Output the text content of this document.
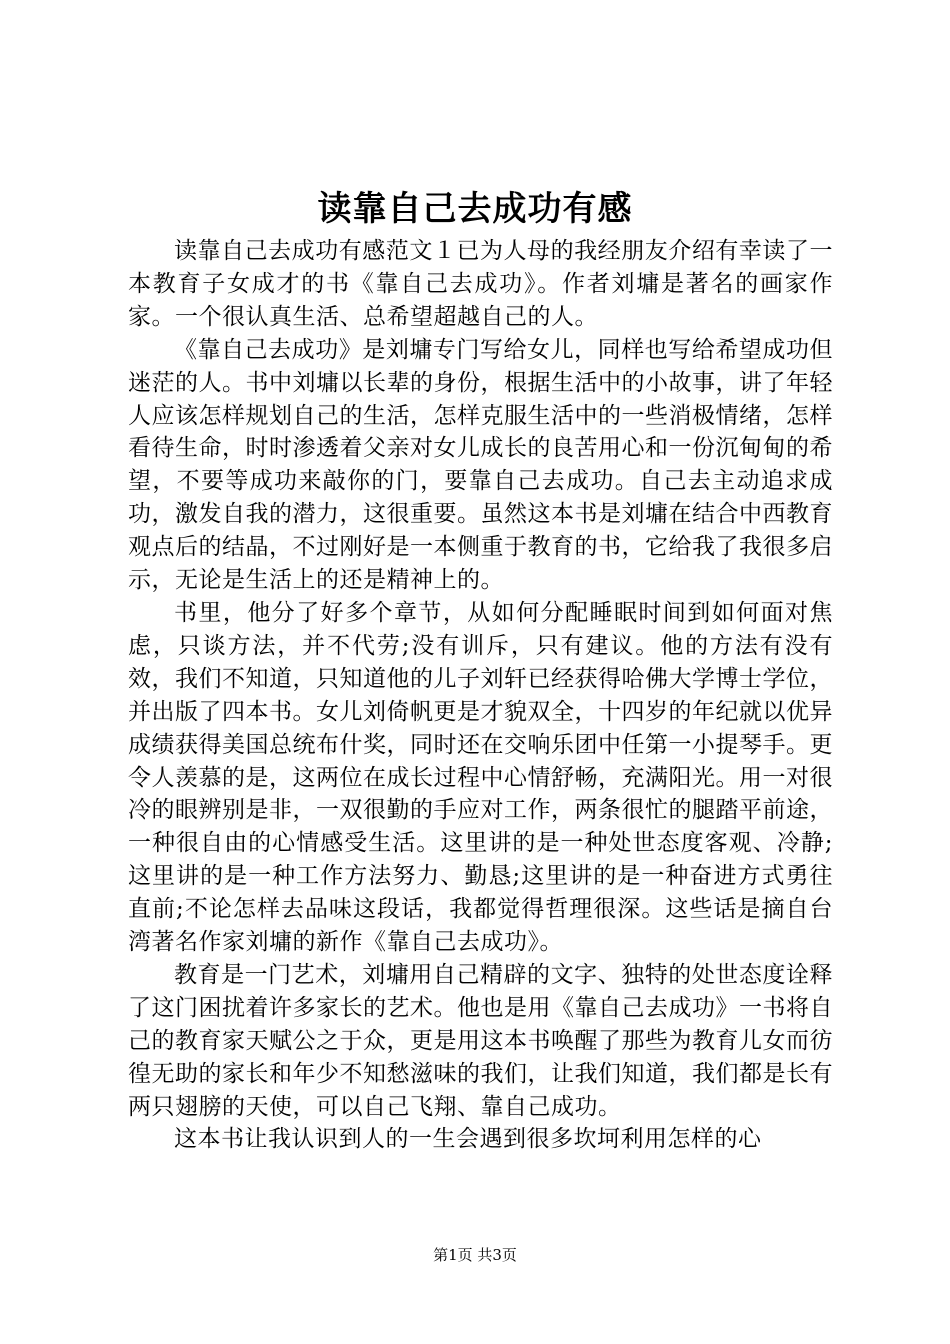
读靠自己去成功有感

读靠自己去成功有感范文１已为人母的我经朋友介绍有幸读了一本教育子女成才的书《靠自己去成功》。作者刘墉是著名的画家作家。一个很认真生活、总希望超越自己的人。

《靠自己去成功》是刘墉专门写给女儿，同样也写给希望成功但迷茫的人。书中刘墉以长辈的身份，根据生活中的小故事，讲了年轻人应该怎样规划自己的生活，怎样克服生活中的一些消极情绪，怎样看待生命，时时渗透着父亲对女儿成长的良苦用心和一份沉甸甸的希望，不要等成功来敲你的门，要靠自己去成功。自己去主动追求成功，激发自我的潜力，这很重要。虽然这本书是刘墉在结合中西教育观点后的结晶，不过刚好是一本侧重于教育的书，它给我了我很多启示，无论是生活上的还是精神上的。

书里，他分了好多个章节，从如何分配睡眠时间到如何面对焦虑，只谈方法，并不代劳;没有训斥，只有建议。他的方法有没有效，我们不知道，只知道他的儿子刘轩已经获得哈佛大学博士学位，并出版了四本书。女儿刘倚帆更是才貌双全，十四岁的年纪就以优异成绩获得美国总统布什奖，同时还在交响乐团中任第一小提琴手。更令人羡慕的是，这两位在成长过程中心情舒畅，充满阳光。用一对很冷的眼辨别是非，一双很勤的手应对工作，两条很忙的腿踏平前途，一种很自由的心情感受生活。这里讲的是一种处世态度客观、冷静;这里讲的是一种工作方法努力、勤恳;这里讲的是一种奋进方式勇往直前;不论怎样去品味这段话，我都觉得哲理很深。这些话是摘自台湾著名作家刘墉的新作《靠自己去成功》。

教育是一门艺术，刘墉用自己精辟的文字、独特的处世态度诠释了这门困扰着许多家长的艺术。他也是用《靠自己去成功》一书将自己的教育家天赋公之于众，更是用这本书唤醒了那些为教育儿女而彷徨无助的家长和年少不知愁滋味的我们，让我们知道，我们都是长有两只翅膀的天使，可以自己飞翔、靠自己成功。

这本书让我认识到人的一生会遇到很多坎坷利用怎样的心

第1页 共3页
